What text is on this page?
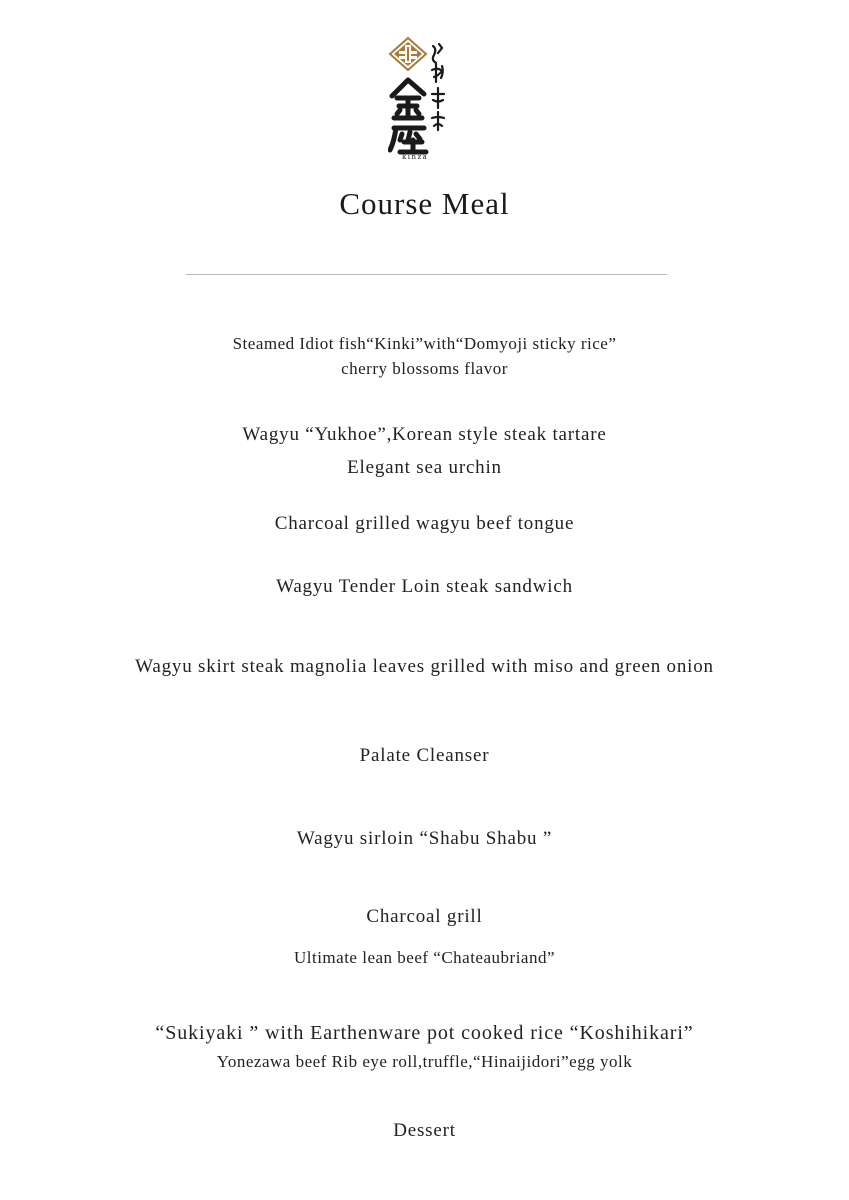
kinza
Course Meal
Steamed Idiot fish“Kinki”with“Domyoji sticky rice”
cherry blossoms flavor
Wagyu “Yukhoe”,Korean style steak tartare
Elegant sea urchin
Charcoal grilled wagyu beef tongue
Wagyu Tender Loin steak sandwich
Wagyu skirt steak magnolia leaves grilled with miso and green onion
Palate Cleanser
Wagyu sirloin “Shabu Shabu ”
Charcoal grill
Ultimate lean beef “Chateaubriand”
“Sukiyaki ” with Earthenware pot cooked rice “Koshihikari”
Yonezawa beef Rib eye roll,truffle,“Hinaijidori”egg yolk
Dessert
